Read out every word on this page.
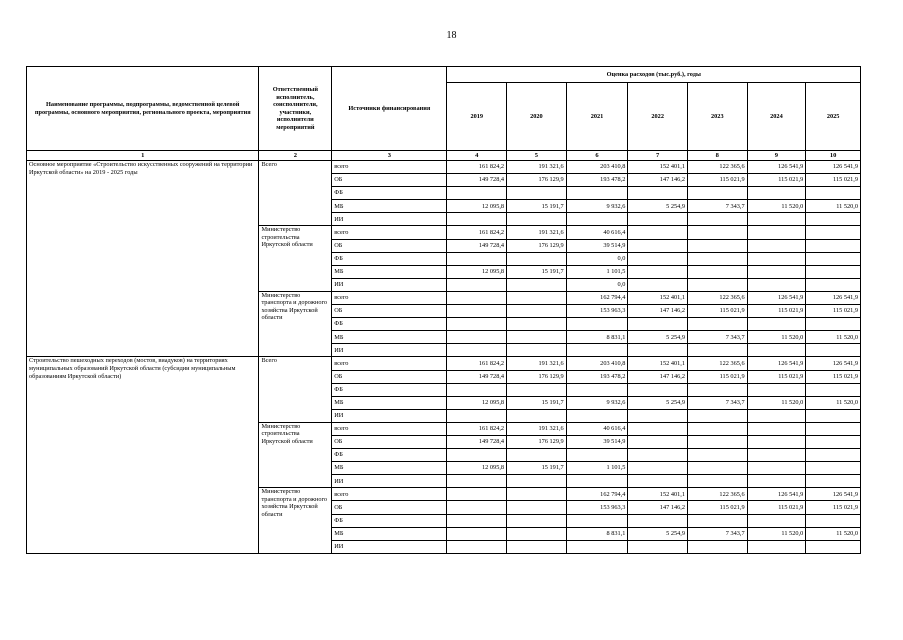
18
Наименование программы, подпрограммы, ведомственной целевой программы, основного мероприятия, регионального проекта, мероприятия	Ответственный исполнитель, соисполнители, участники, исполнители мероприятий	Источники финансирования	Оценка расходов (тыс.руб.), годы						
			2019	2020	2021	2022	2023	2024	2025
1	2	3	4	5	6	7	8	9	10
Основное мероприятие «Строительство искусственных сооружений на территории Иркутской области» на 2019 - 2025 годы	Всего	всего	161 824,2	191 321,6	203 410,8	152 401,1	122 365,6	126 541,9	126 541,9
		ОБ	149 728,4	176 129,9	193 478,2	147 146,2	115 021,9	115 021,9	115 021,9
		ФБ							
		МБ	12 095,8	15 191,7	9 932,6	5 254,9	7 343,7	11 520,0	11 520,0
		ИИ							
	Министерство строительства Иркутской области	всего	161 824,2	191 321,6	40 616,4				
		ОБ	149 728,4	176 129,9	39 514,9				
		ФБ			0,0				
		МБ	12 095,8	15 191,7	1 101,5				
		ИИ			0,0				
	Министерство транспорта и дорожного хозяйства Иркутской области	всего			162 794,4	152 401,1	122 365,6	126 541,9	126 541,9
		ОБ			153 963,3	147 146,2	115 021,9	115 021,9	115 021,9
		ФБ							
		МБ			8 831,1	5 254,9	7 343,7	11 520,0	11 520,0
		ИИ							
Строительство пешеходных переходов (мостов, виадуков) на территориях муниципальных образований Иркутской области (субсидии муниципальным образованиям Иркутской области)	Всего	всего	161 824,2	191 321,6	203 410,8	152 401,1	122 365,6	126 541,9	126 541,9
		ОБ	149 728,4	176 129,9	193 478,2	147 146,2	115 021,9	115 021,9	115 021,9
		ФБ							
		МБ	12 095,8	15 191,7	9 932,6	5 254,9	7 343,7	11 520,0	11 520,0
		ИИ							
	Министерство строительства Иркутской области	всего	161 824,2	191 321,6	40 616,4				
		ОБ	149 728,4	176 129,9	39 514,9				
		ФБ							
		МБ	12 095,8	15 191,7	1 101,5				
		ИИ							
	Министерство транспорта и дорожного хозяйства Иркутской области	всего			162 794,4	152 401,1	122 365,6	126 541,9	126 541,9
		ОБ			153 963,3	147 146,2	115 021,9	115 021,9	115 021,9
		ФБ							
		МБ			8 831,1	5 254,9	7 343,7	11 520,0	11 520,0
		ИИ							
